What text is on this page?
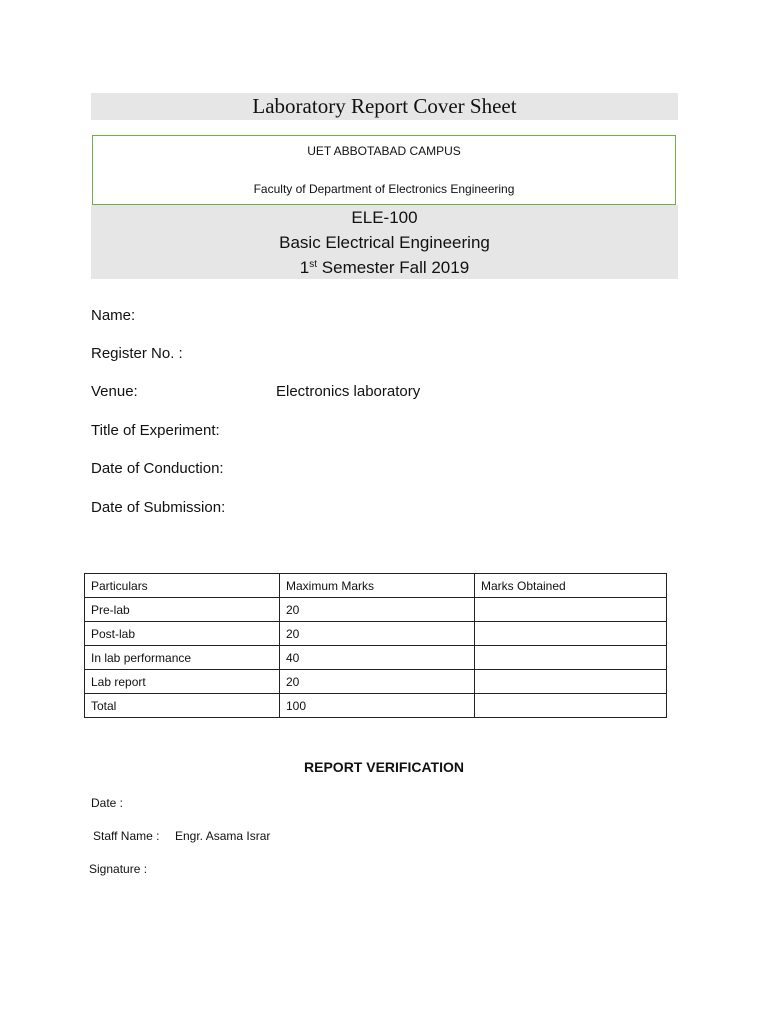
Laboratory Report Cover Sheet
UET ABBOTABAD CAMPUS
Faculty of Department of Electronics Engineering
ELE-100
Basic Electrical Engineering
1st Semester Fall 2019
Name:
Register No. :
Venue:	Electronics laboratory
Title of Experiment:
Date of Conduction:
Date of Submission:
Particulars	Maximum Marks	Marks Obtained
Pre-lab	20	
Post-lab	20	
In lab performance	40	
Lab report	20	
Total	100	
REPORT VERIFICATION
Date :
Staff Name : Engr. Asama Israr
Signature :
